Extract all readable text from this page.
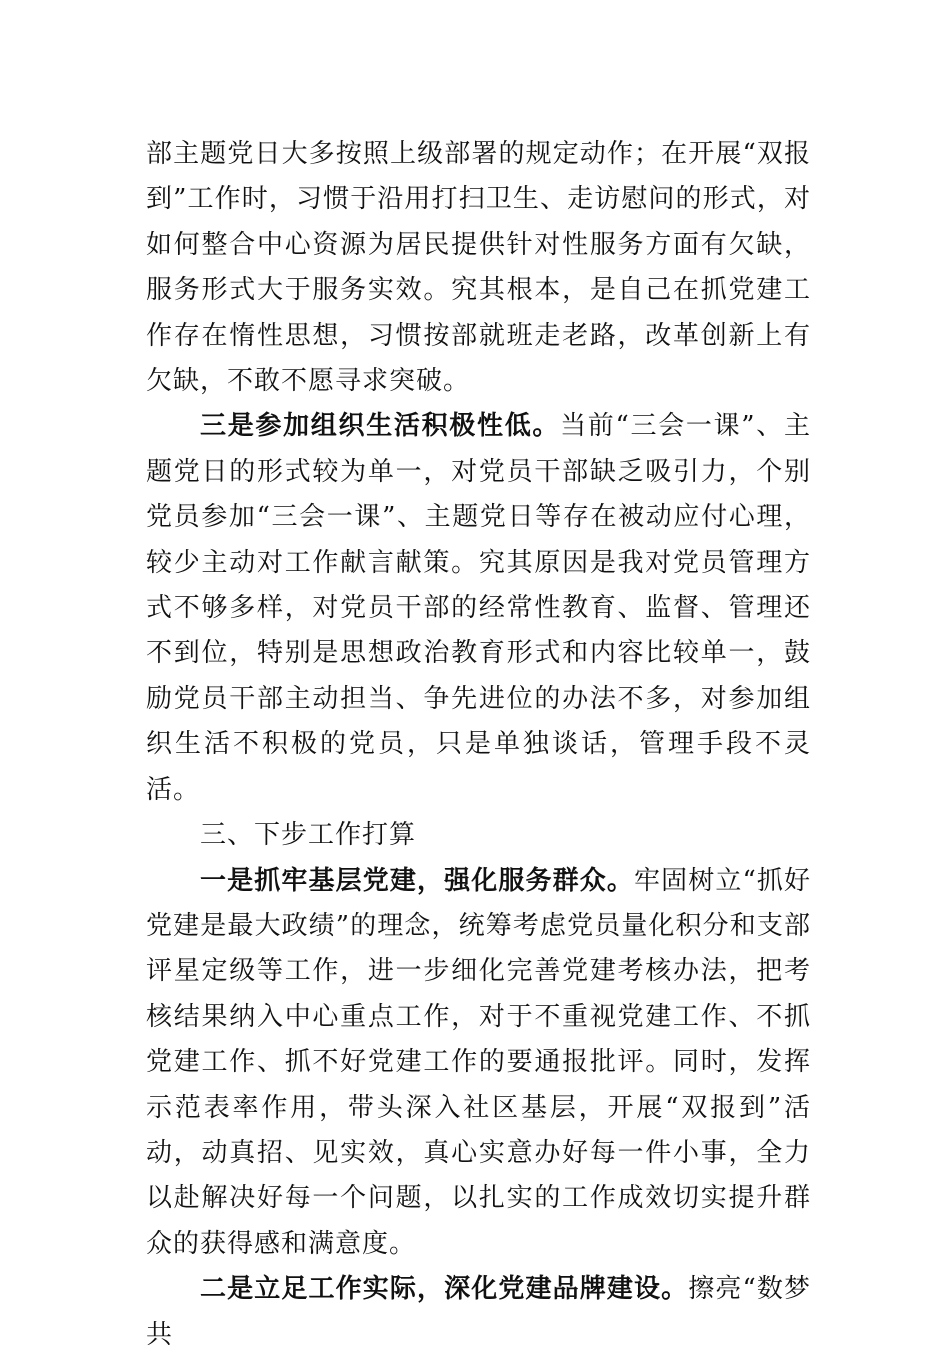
部主题党日大多按照上级部署的规定动作；在开展“双报到”工作时，习惯于沿用打扫卫生、走访慰问的形式，对如何整合中心资源为居民提供针对性服务方面有欠缺，服务形式大于服务实效。究其根本，是自己在抓党建工作存在惰性思想，习惯按部就班走老路，改革创新上有欠缺，不敢不愿寻求突破。

三是参加组织生活积极性低。当前“三会一课”、主题党日的形式较为单一，对党员干部缺乏吸引力，个别党员参加“三会一课”、主题党日等存在被动应付心理，较少主动对工作献言献策。究其原因是我对党员管理方式不够多样，对党员干部的经常性教育、监督、管理还不到位，特别是思想政治教育形式和内容比较单一，鼓励党员干部主动担当、争先进位的办法不多，对参加组织生活不积极的党员，只是单独谈话，管理手段不灵活。

三、下步工作打算

一是抓牢基层党建，强化服务群众。牢固树立“抓好党建是最大政绩”的理念，统筹考虑党员量化积分和支部评星定级等工作，进一步细化完善党建考核办法，把考核结果纳入中心重点工作，对于不重视党建工作、不抓党建工作、抓不好党建工作的要通报批评。同时，发挥示范表率作用，带头深入社区基层，开展“双报到”活动，动真招、见实效，真心实意办好每一件小事，全力以赴解决好每一个问题，以扎实的工作成效切实提升群众的获得感和满意度。

二是立足工作实际，深化党建品牌建设。擦亮“数梦共
